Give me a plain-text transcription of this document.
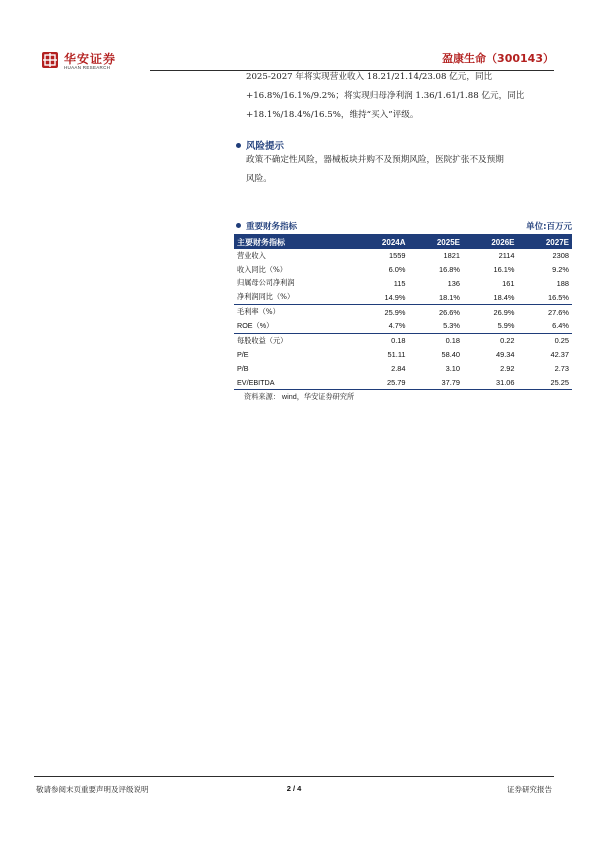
华安证券
HUAAN RESEARCH
盈康生命（300143）
2025-2027 年将实现营业收入 18.21/21.14/23.08 亿元，同比
+16.8%/16.1%/9.2%；将实现归母净利润 1.36/1.61/1.88 亿元，同比
+18.1%/18.4%/16.5%，维持“买入”评级。
风险提示
政策不确定性风险，器械板块并购不及预期风险，医院扩张不及预期
风险。
重要财务指标	单位:百万元
主要财务指标	2024A	2025E	2026E	2027E
营业收入	1559	1821	2114	2308
收入同比（%）	6.0%	16.8%	16.1%	9.2%
归属母公司净利润	115	136	161	188
净利润同比（%）	14.9%	18.1%	18.4%	16.5%
毛利率（%）	25.9%	26.6%	26.9%	27.6%
ROE（%）	4.7%	5.3%	5.9%	6.4%
每股收益（元）	0.18	0.18	0.22	0.25
P/E	51.11	58.40	49.34	42.37
P/B	2.84	3.10	2.92	2.73
EV/EBITDA	25.79	37.79	31.06	25.25
资料来源： wind，华安证券研究所
敬请参阅末页重要声明及评级说明	2 / 4	证券研究报告
